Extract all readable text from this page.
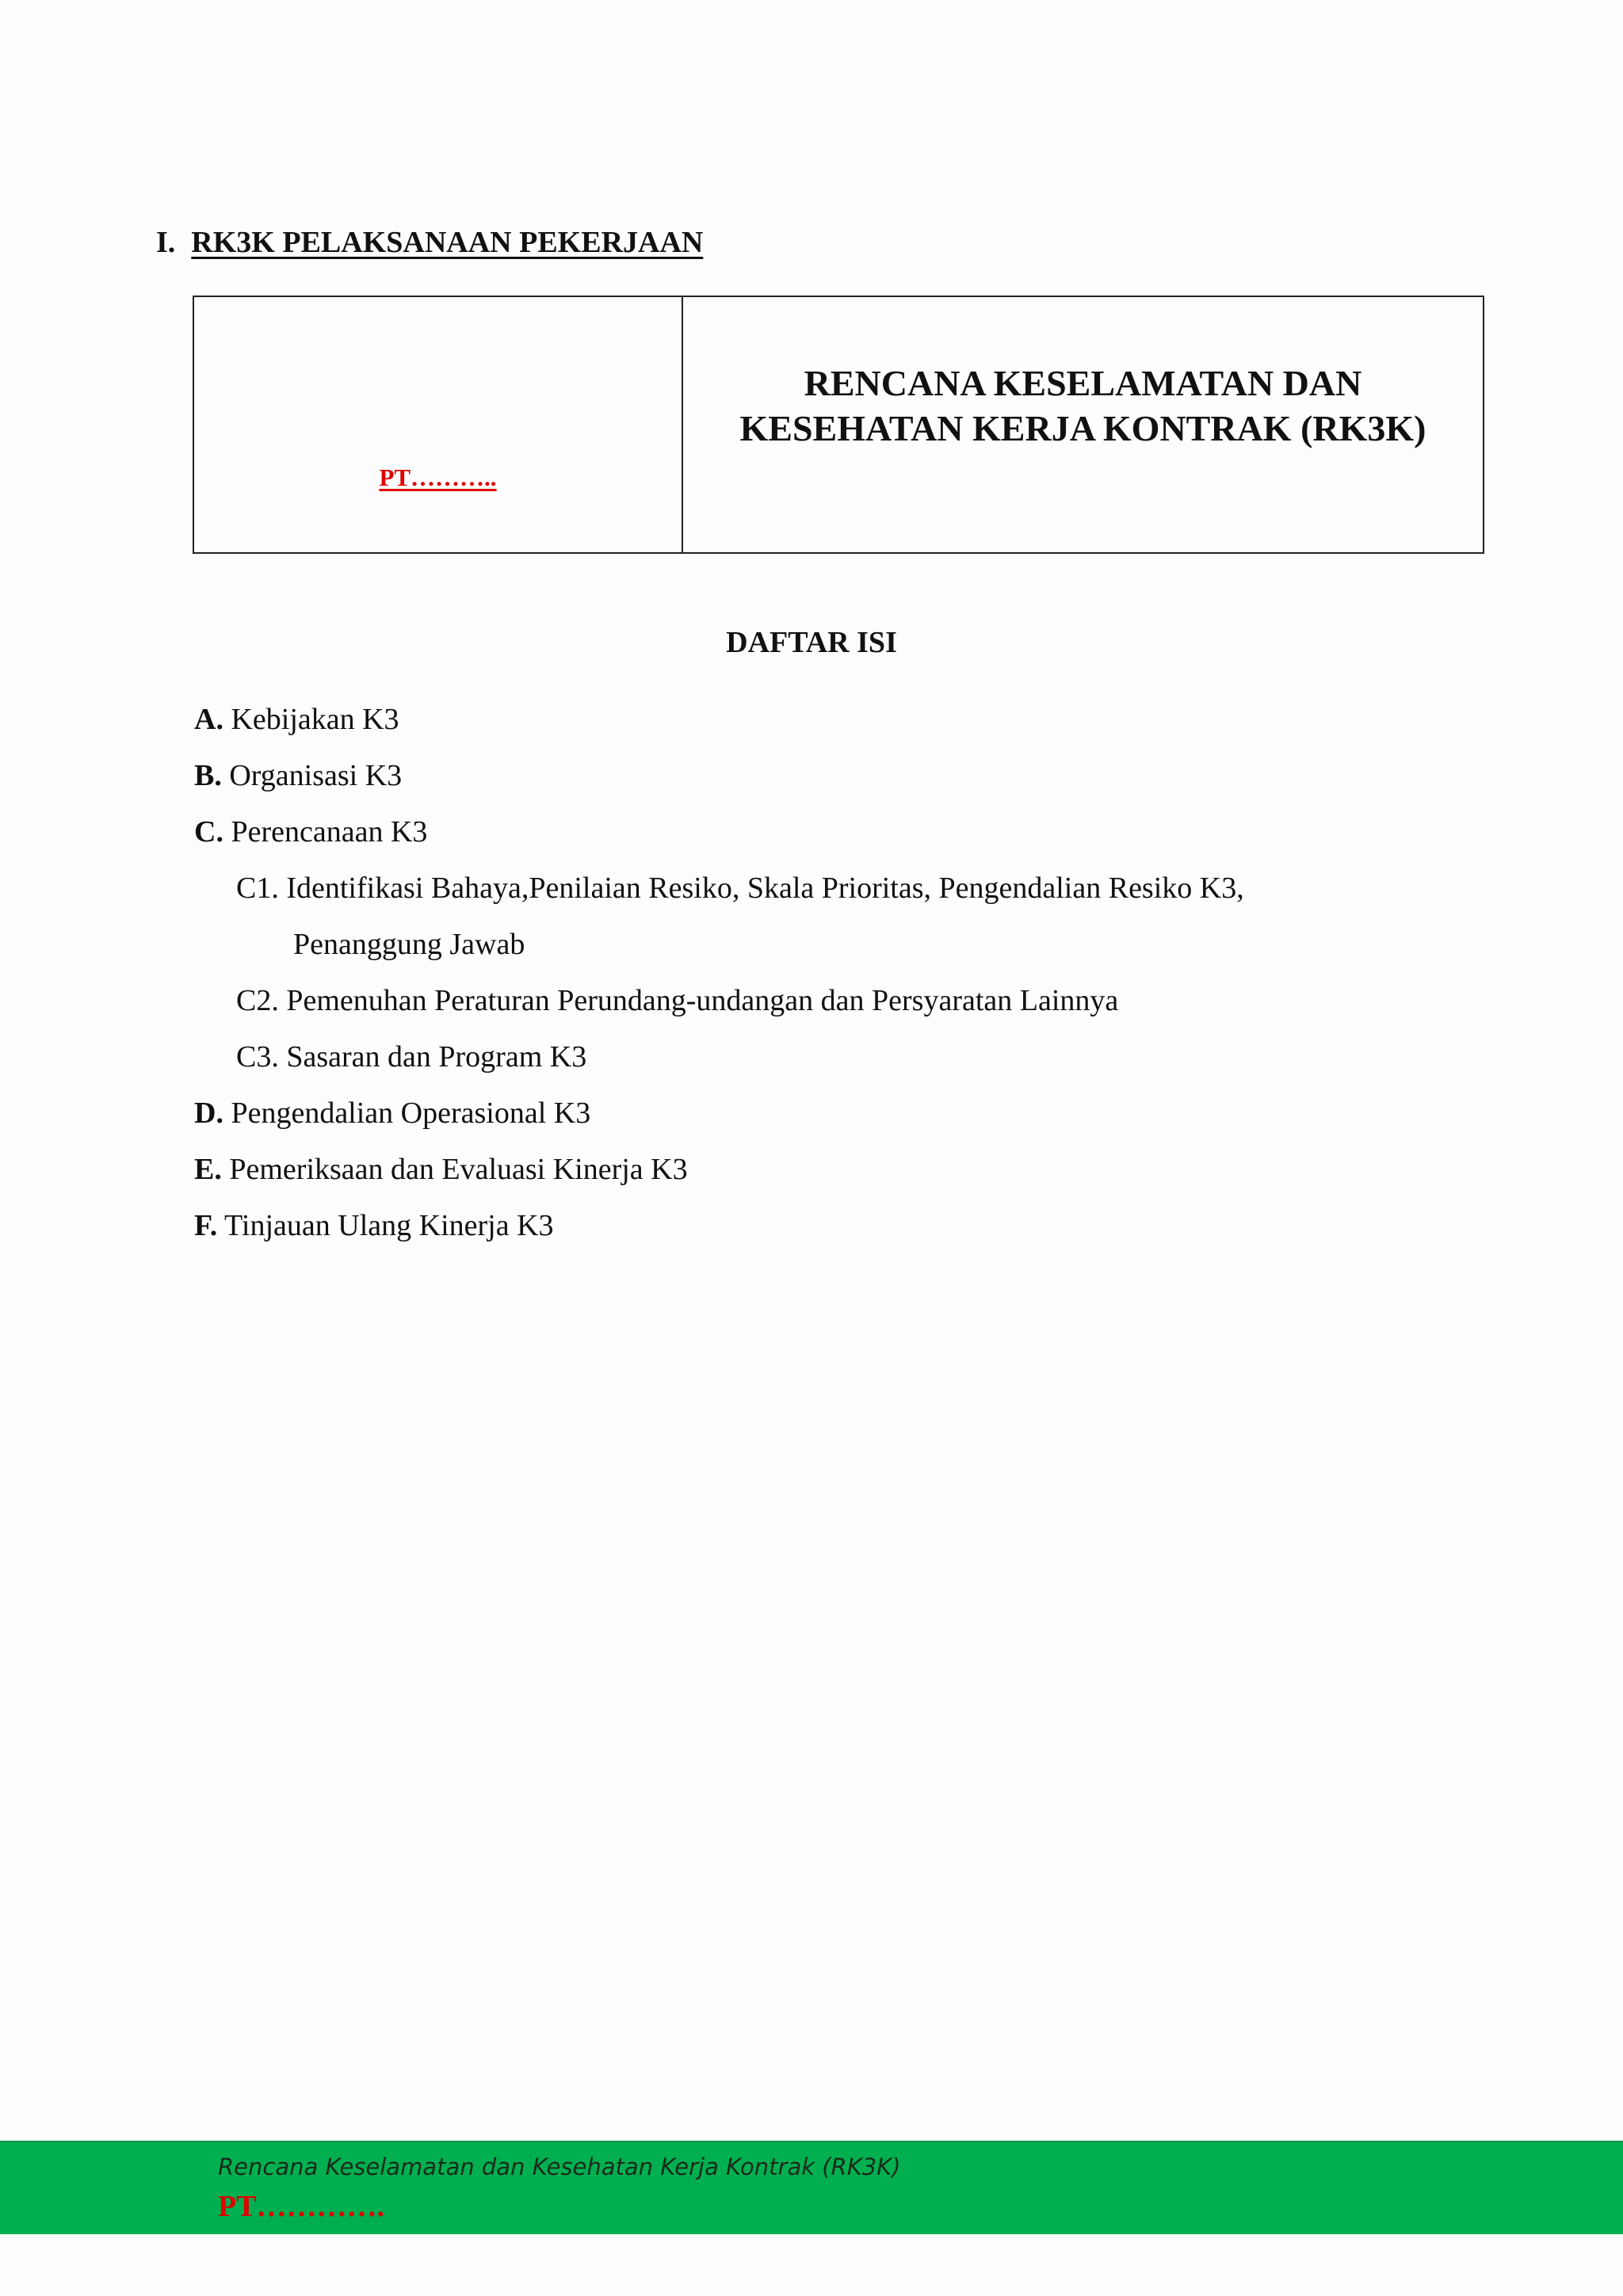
I. RK3K PELAKSANAAN PEKERJAAN
PT………..
RENCANA KESELAMATAN DAN
KESEHATAN KERJA KONTRAK (RK3K)
DAFTAR ISI
A. Kebijakan K3
B. Organisasi K3
C. Perencanaan K3
C1. Identifikasi Bahaya,Penilaian Resiko, Skala Prioritas, Pengendalian Resiko K3,
Penanggung Jawab
C2. Pemenuhan Peraturan Perundang-undangan dan Persyaratan Lainnya
C3. Sasaran dan Program K3
D. Pengendalian Operasional K3
E. Pemeriksaan dan Evaluasi Kinerja K3
F. Tinjauan Ulang Kinerja K3
Rencana Keselamatan dan Kesehatan Kerja Kontrak (RK3K)
PT………….
